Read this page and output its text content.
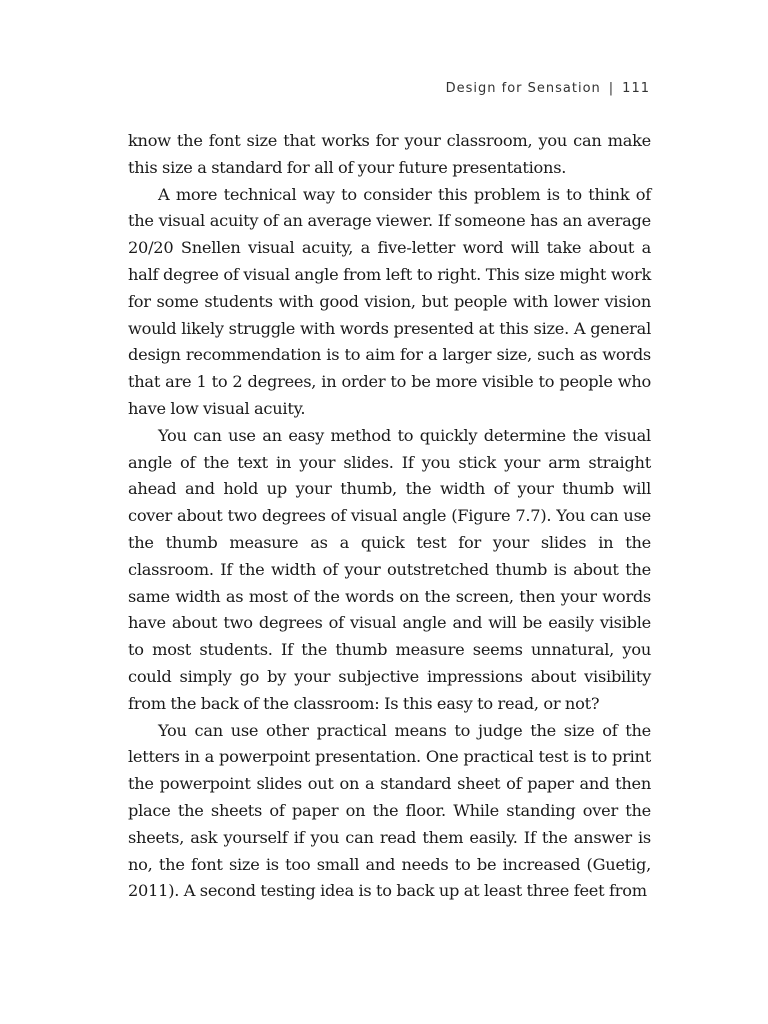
Design for Sensation | 111

know the font size that works for your classroom, you can make this size a standard for all of your future presentations.

A more technical way to consider this problem is to think of the visual acuity of an average viewer. If someone has an average 20/20 Snellen visual acuity, a five-letter word will take about a half degree of visual angle from left to right. This size might work for some students with good vision, but people with lower vision would likely struggle with words presented at this size. A general design recommendation is to aim for a larger size, such as words that are 1 to 2 degrees, in order to be more visible to people who have low visual acuity.

You can use an easy method to quickly determine the visual angle of the text in your slides. If you stick your arm straight ahead and hold up your thumb, the width of your thumb will cover about two degrees of visual angle (Figure 7.7). You can use the thumb measure as a quick test for your slides in the classroom. If the width of your outstretched thumb is about the same width as most of the words on the screen, then your words have about two degrees of visual angle and will be easily visible to most students. If the thumb measure seems unnatural, you could simply go by your subjective impressions about visibility from the back of the classroom: Is this easy to read, or not?

You can use other practical means to judge the size of the letters in a powerpoint presentation. One practical test is to print the powerpoint slides out on a standard sheet of paper and then place the sheets of paper on the floor. While standing over the sheets, ask yourself if you can read them easily. If the answer is no, the font size is too small and needs to be increased (Guetig, 2011). A second testing idea is to back up at least three feet from
